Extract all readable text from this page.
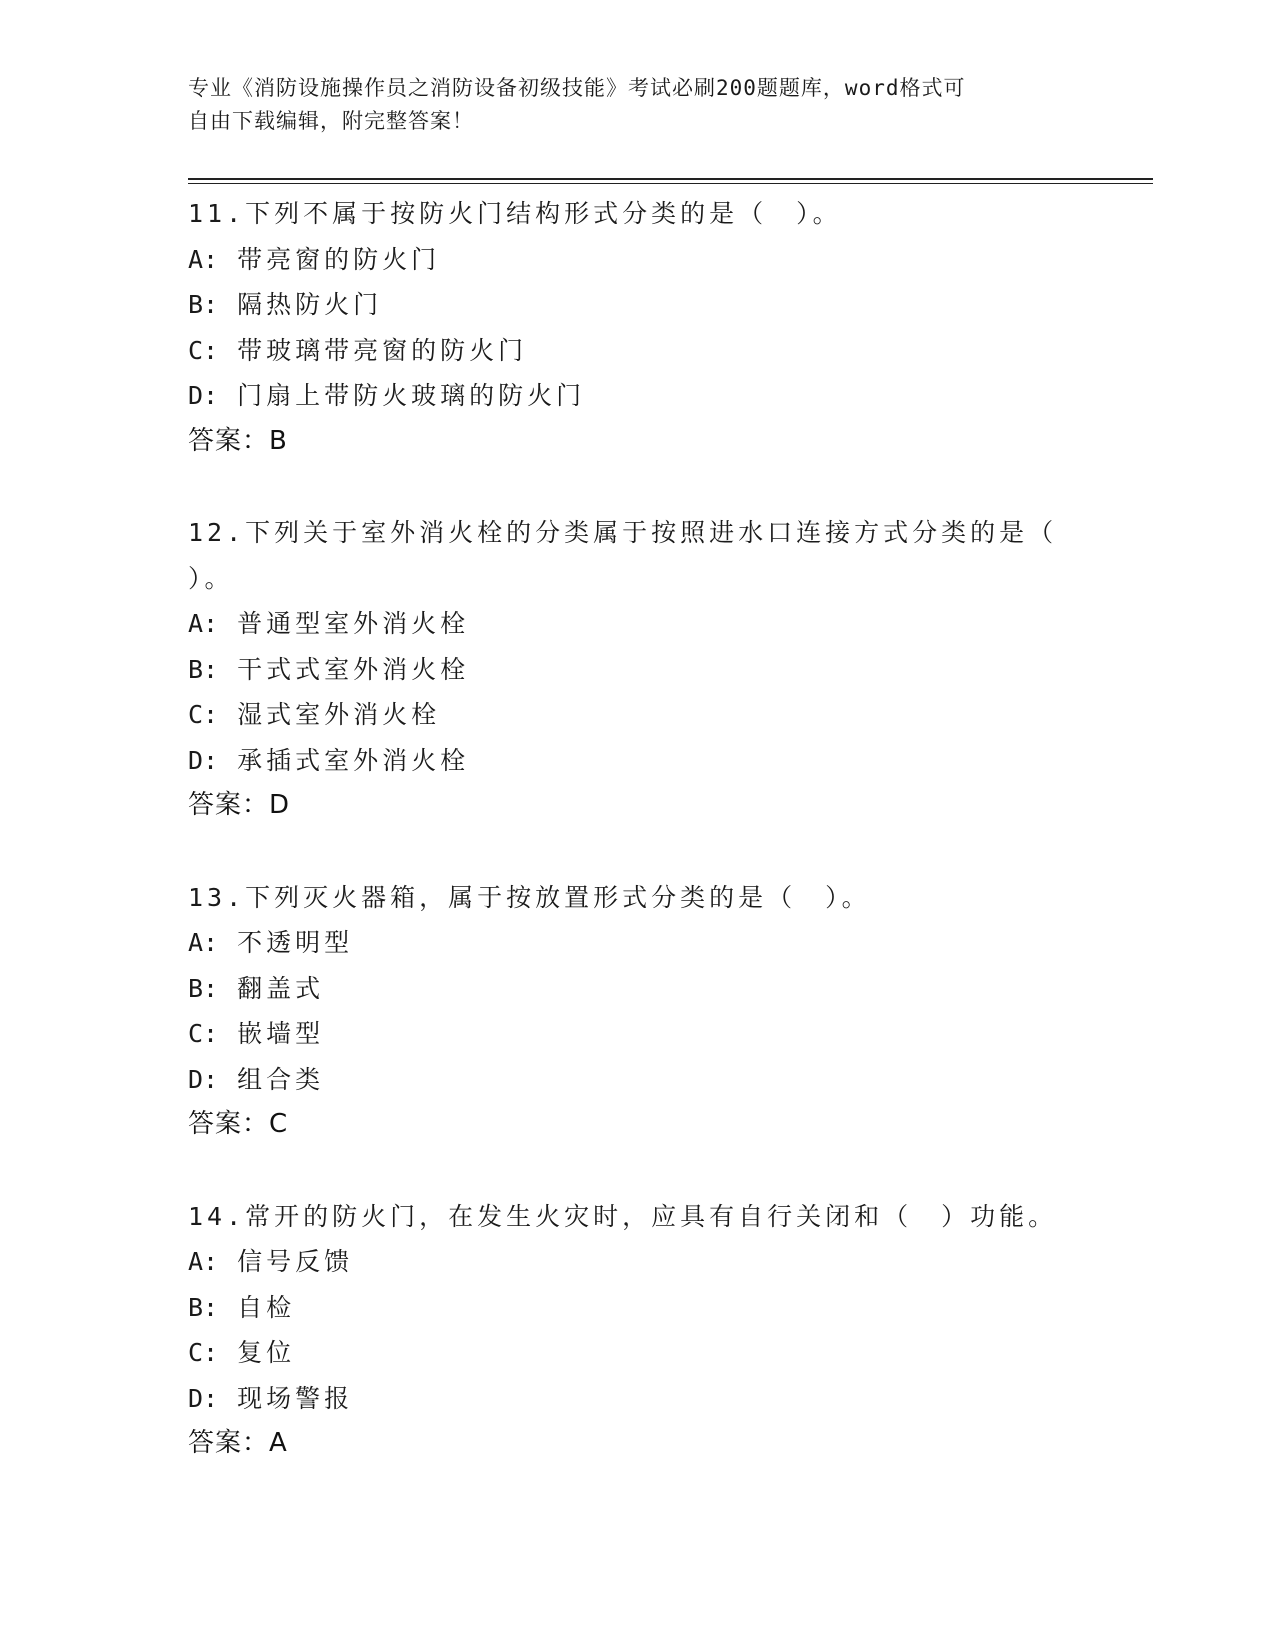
专业《消防设施操作员之消防设备初级技能》考试必刷200题题库，word格式可
自由下载编辑，附完整答案！
11.下列不属于按防火门结构形式分类的是（　）。
A: 带亮窗的防火门
B: 隔热防火门
C: 带玻璃带亮窗的防火门
D: 门扇上带防火玻璃的防火门
答案：B
12.下列关于室外消火栓的分类属于按照进水口连接方式分类的是（
）。
A: 普通型室外消火栓
B: 干式式室外消火栓
C: 湿式室外消火栓
D: 承插式室外消火栓
答案：D
13.下列灭火器箱，属于按放置形式分类的是（　）。
A: 不透明型
B: 翻盖式
C: 嵌墙型
D: 组合类
答案：C
14.常开的防火门，在发生火灾时，应具有自行关闭和（　）功能。
A: 信号反馈
B: 自检
C: 复位
D: 现场警报
答案：A
